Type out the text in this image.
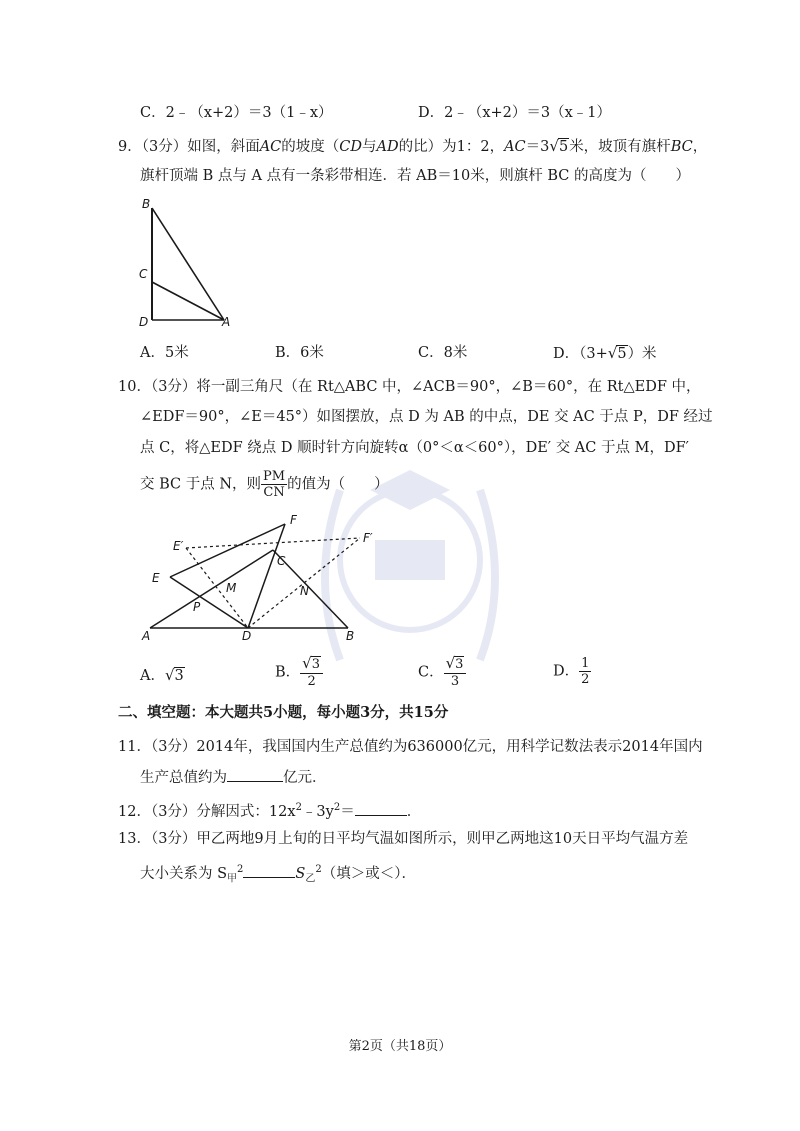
C．2﹣（x+2）＝3（1﹣x）	D．2﹣（x+2）＝3（x﹣1）
9．（3分）如图，斜面AC的坡度（CD与AD的比）为1：2，AC＝3√5米，坡顶有旗杆BC，
旗杆顶端 B 点与 A 点有一条彩带相连．若 AB＝10米，则旗杆 BC 的高度为（　　）
B
C
D	A
A．5米	B．6米	C．8米	D．（3+√5）米
10．（3分）将一副三角尺（在 Rt△ABC 中，∠ACB＝90°，∠B＝60°，在 Rt△EDF 中，
∠EDF＝90°，∠E＝45°）如图摆放，点 D 为 AB 的中点，DE 交 AC 于点 P，DF 经过
点 C，将△EDF 绕点 D 顺时针方向旋转α（0°＜α＜60°），DE′ 交 AC 于点 M，DF′
交 BC 于点 N，则 $\frac{PM}{CN}$ 的值为（　　）
F
E′
F′
C
E
M	N
P
A	D	B
A．√3	B． $\frac{√3}{2}$	C． $\frac{√3}{3}$	D． $\frac{1}{2}$
二、填空题：本大题共5小题，每小题3分，共15分
11．（3分）2014年，我国国内生产总值约为636000亿元，用科学记数法表示2014年国内
生产总值约为	亿元．
12．（3分）分解因式：$12x^2﹣3y^2=$	．
13．（3分）甲乙两地9月上旬的日平均气温如图所示，则甲乙两地这10天日平均气温方差
大小关系为 $S_甲^2$	$S_乙^2$（填＞或＜）．
第2页（共18页）
